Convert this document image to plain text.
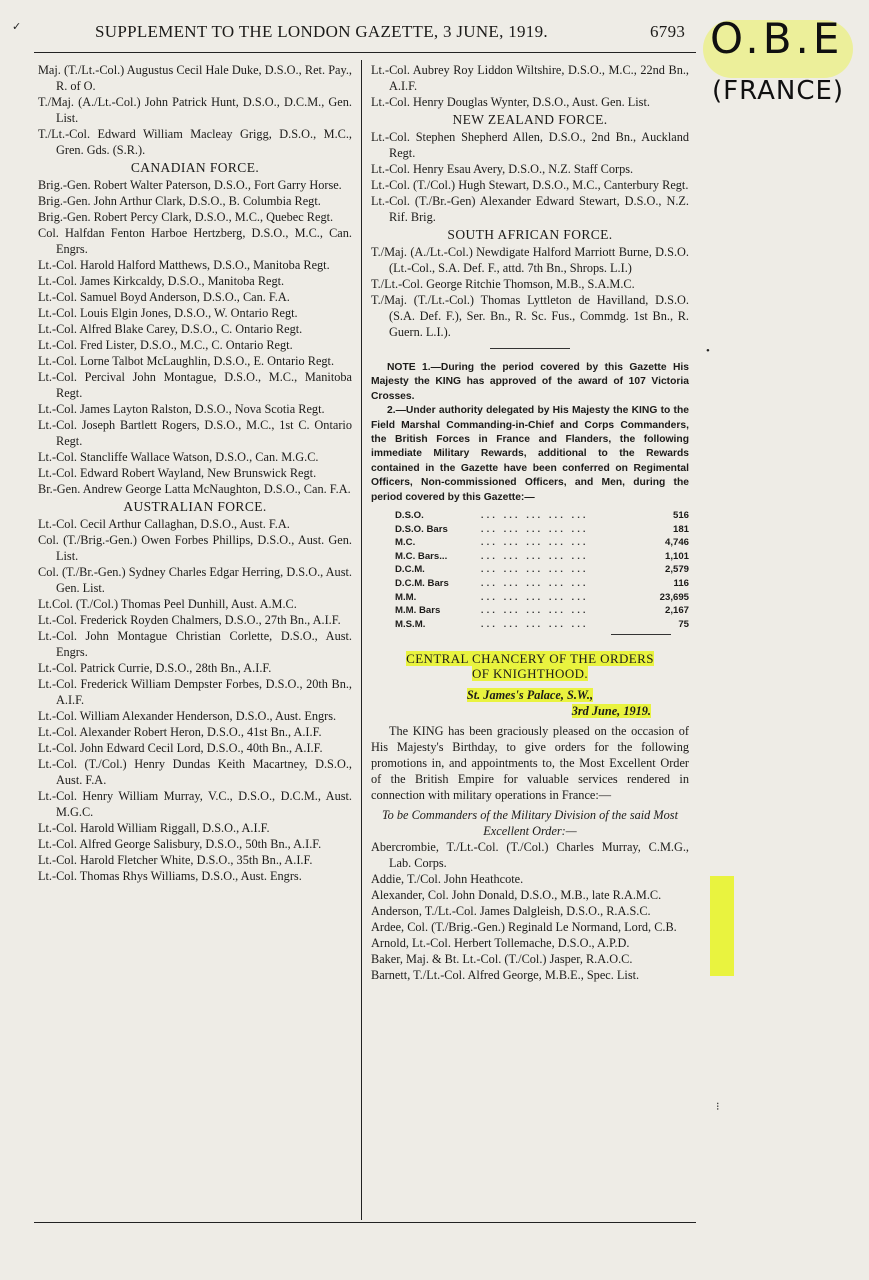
O.B.E
(FRANCE)
✓
•
⁝
SUPPLEMENT TO THE LONDON GAZETTE, 3 JUNE, 1919.	6793
Maj. (T./Lt.-Col.) Augustus Cecil Hale Duke, D.S.O., Ret. Pay., R. of O.
T./Maj. (A./Lt.-Col.) John Patrick Hunt, D.S.O., D.C.M., Gen. List.
T./Lt.-Col. Edward William Macleay Grigg, D.S.O., M.C., Gren. Gds. (S.R.).
CANADIAN FORCE.
Brig.-Gen. Robert Walter Paterson, D.S.O., Fort Garry Horse.
Brig.-Gen. John Arthur Clark, D.S.O., B. Columbia Regt.
Brig.-Gen. Robert Percy Clark, D.S.O., M.C., Quebec Regt.
Col. Halfdan Fenton Harboe Hertzberg, D.S.O., M.C., Can. Engrs.
Lt.-Col. Harold Halford Matthews, D.S.O., Manitoba Regt.
Lt.-Col. James Kirkcaldy, D.S.O., Manitoba Regt.
Lt.-Col. Samuel Boyd Anderson, D.S.O., Can. F.A.
Lt.-Col. Louis Elgin Jones, D.S.O., W. Ontario Regt.
Lt.-Col. Alfred Blake Carey, D.S.O., C. Ontario Regt.
Lt.-Col. Fred Lister, D.S.O., M.C., C. Ontario Regt.
Lt.-Col. Lorne Talbot McLaughlin, D.S.O., E. Ontario Regt.
Lt.-Col. Percival John Montague, D.S.O., M.C., Manitoba Regt.
Lt.-Col. James Layton Ralston, D.S.O., Nova Scotia Regt.
Lt.-Col. Joseph Bartlett Rogers, D.S.O., M.C., 1st C. Ontario Regt.
Lt.-Col. Stancliffe Wallace Watson, D.S.O., Can. M.G.C.
Lt.-Col. Edward Robert Wayland, New Brunswick Regt.
Br.-Gen. Andrew George Latta McNaughton, D.S.O., Can. F.A.
AUSTRALIAN FORCE.
Lt.-Col. Cecil Arthur Callaghan, D.S.O., Aust. F.A.
Col. (T./Brig.-Gen.) Owen Forbes Phillips, D.S.O., Aust. Gen. List.
Col. (T./Br.-Gen.) Sydney Charles Edgar Herring, D.S.O., Aust. Gen. List.
Lt.Col. (T./Col.) Thomas Peel Dunhill, Aust. A.M.C.
Lt.-Col. Frederick Royden Chalmers, D.S.O., 27th Bn., A.I.F.
Lt.-Col. John Montague Christian Corlette, D.S.O., Aust. Engrs.
Lt.-Col. Patrick Currie, D.S.O., 28th Bn., A.I.F.
Lt.-Col. Frederick William Dempster Forbes, D.S.O., 20th Bn., A.I.F.
Lt.-Col. William Alexander Henderson, D.S.O., Aust. Engrs.
Lt.-Col. Alexander Robert Heron, D.S.O., 41st Bn., A.I.F.
Lt.-Col. John Edward Cecil Lord, D.S.O., 40th Bn., A.I.F.
Lt.-Col. (T./Col.) Henry Dundas Keith Macartney, D.S.O., Aust. F.A.
Lt.-Col. Henry William Murray, V.C., D.S.O., D.C.M., Aust. M.G.C.
Lt.-Col. Harold William Riggall, D.S.O., A.I.F.
Lt.-Col. Alfred George Salisbury, D.S.O., 50th Bn., A.I.F.
Lt.-Col. Harold Fletcher White, D.S.O., 35th Bn., A.I.F.
Lt.-Col. Thomas Rhys Williams, D.S.O., Aust. Engrs.
Lt.-Col. Aubrey Roy Liddon Wiltshire, D.S.O., M.C., 22nd Bn., A.I.F.
Lt.-Col. Henry Douglas Wynter, D.S.O., Aust. Gen. List.
NEW ZEALAND FORCE.
Lt.-Col. Stephen Shepherd Allen, D.S.O., 2nd Bn., Auckland Regt.
Lt.-Col. Henry Esau Avery, D.S.O., N.Z. Staff Corps.
Lt.-Col. (T./Col.) Hugh Stewart, D.S.O., M.C., Canterbury Regt.
Lt.-Col. (T./Br.-Gen) Alexander Edward Stewart, D.S.O., N.Z. Rif. Brig.
SOUTH AFRICAN FORCE.
T./Maj. (A./Lt.-Col.) Newdigate Halford Marriott Burne, D.S.O. (Lt.-Col., S.A. Def. F., attd. 7th Bn., Shrops. L.I.)
T./Lt.-Col. George Ritchie Thomson, M.B., S.A.M.C.
T./Maj. (T./Lt.-Col.) Thomas Lyttleton de Havilland, D.S.O. (S.A. Def. F.), Ser. Bn., R. Sc. Fus., Commdg. 1st Bn., R. Guern. L.I.).

NOTE 1.—During the period covered by this Gazette His Majesty the KING has approved of the award of 107 Victoria Crosses.

2.—Under authority delegated by His Majesty the KING to the Field Marshal Commanding-in-Chief and Corps Commanders, the British Forces in France and Flanders, the following immediate Military Rewards, additional to the Rewards contained in the Gazette have been conferred on Regimental Officers, Non-commissioned Officers, and Men, during the period covered by this Gazette:—

D.S.O.	... ... ... ... ...	516
D.S.O. Bars	... ... ... ... ...	181
M.C.	... ... ... ... ...	4,746
M.C. Bars...	... ... ... ... ...	1,101
D.C.M.	... ... ... ... ...	2,579
D.C.M. Bars	... ... ... ... ...	116
M.M.	... ... ... ... ...	23,695
M.M. Bars	... ... ... ... ...	2,167
M.S.M.	... ... ... ... ...	75
CENTRAL CHANCERY OF THE ORDERS
OF KNIGHTHOOD.
St. James's Palace, S.W.,
3rd June, 1919.
The KING has been graciously pleased on the occasion of His Majesty's Birthday, to give orders for the following promotions in, and appointments to, the Most Excellent Order of the British Empire for valuable services rendered in connection with military operations in France:—
To be Commanders of the Military Division of the said Most Excellent Order:—
Abercrombie, T./Lt.-Col. (T./Col.) Charles Murray, C.M.G., Lab. Corps.
Addie, T./Col. John Heathcote.
Alexander, Col. John Donald, D.S.O., M.B., late R.A.M.C.
Anderson, T./Lt.-Col. James Dalgleish, D.S.O., R.A.S.C.
Ardee, Col. (T./Brig.-Gen.) Reginald Le Normand, Lord, C.B.
Arnold, Lt.-Col. Herbert Tollemache, D.S.O., A.P.D.
Baker, Maj. & Bt. Lt.-Col. (T./Col.) Jasper, R.A.O.C.
Barnett, T./Lt.-Col. Alfred George, M.B.E., Spec. List.
